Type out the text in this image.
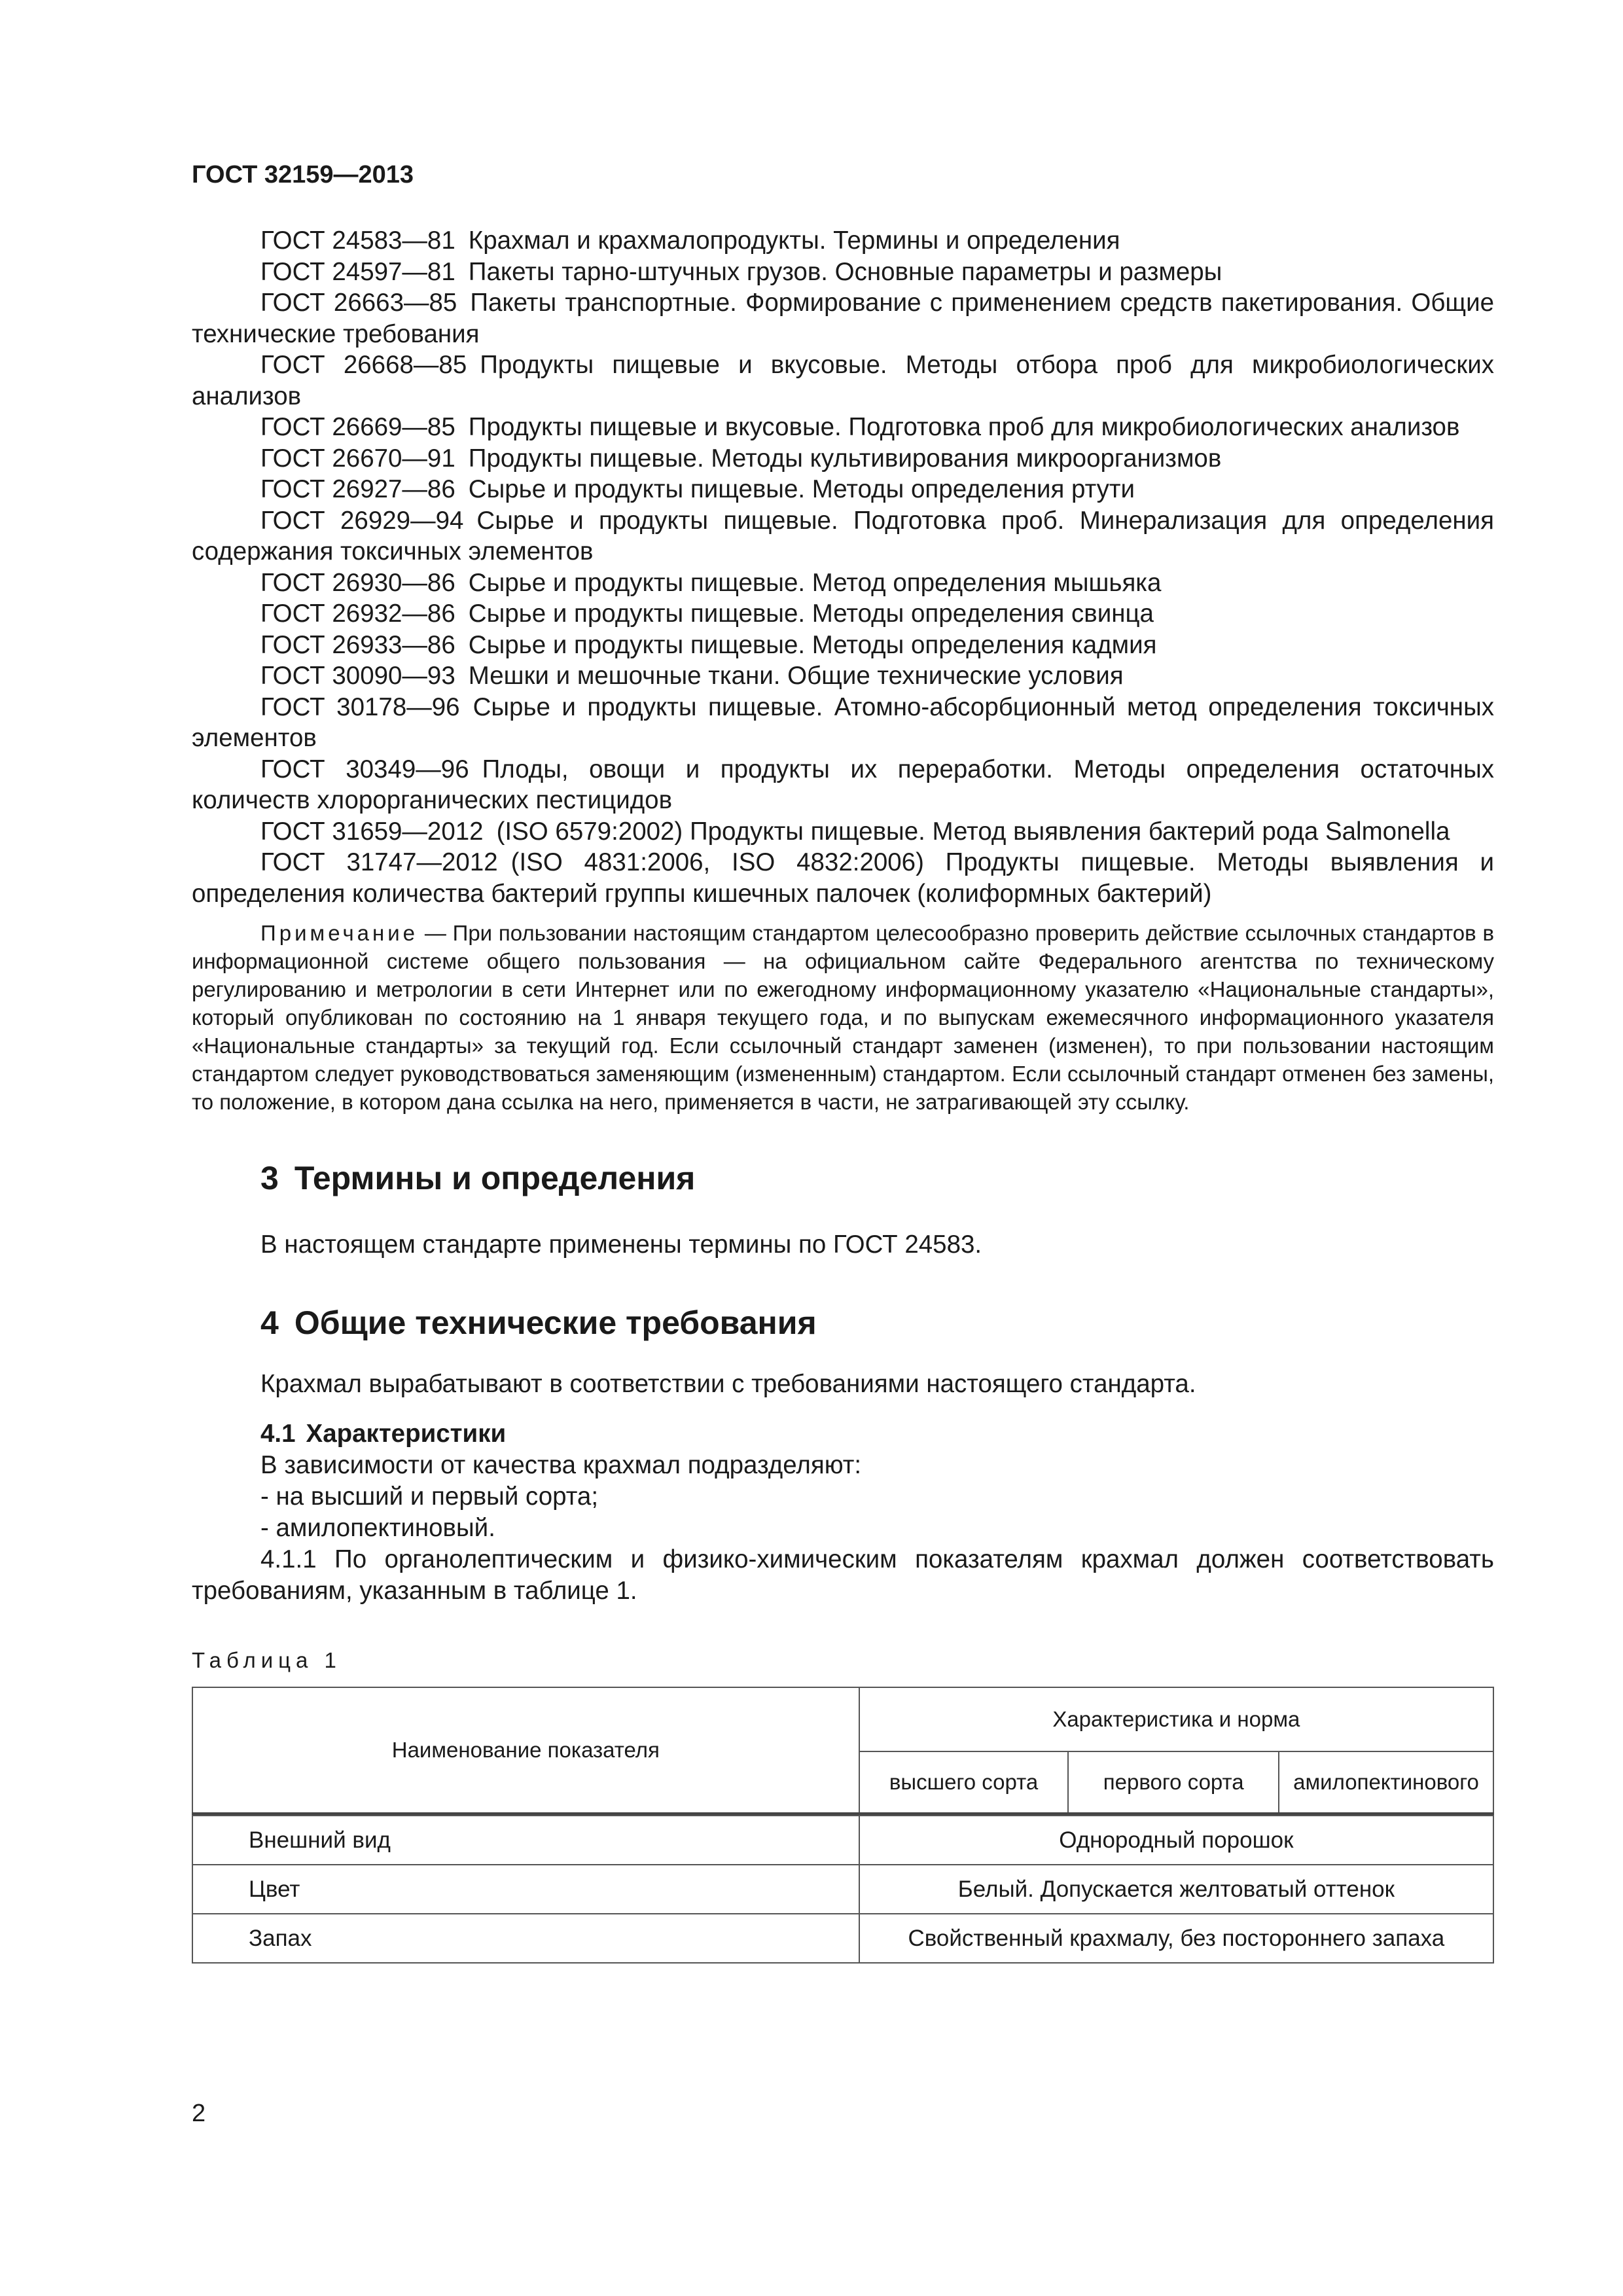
ГОСТ 32159—2013

ГОСТ 24583—81 Крахмал и крахмалопродукты. Термины и определения

ГОСТ 24597—81 Пакеты тарно-штучных грузов. Основные параметры и размеры

ГОСТ 26663—85 Пакеты транспортные. Формирование с применением средств пакетирования. Общие технические требования

ГОСТ 26668—85 Продукты пищевые и вкусовые. Методы отбора проб для микробиологических анализов

ГОСТ 26669—85 Продукты пищевые и вкусовые. Подготовка проб для микробиологических анализов

ГОСТ 26670—91 Продукты пищевые. Методы культивирования микроорганизмов

ГОСТ 26927—86 Сырье и продукты пищевые. Методы определения ртути

ГОСТ 26929—94 Сырье и продукты пищевые. Подготовка проб. Минерализация для определения содержания токсичных элементов

ГОСТ 26930—86 Сырье и продукты пищевые. Метод определения мышьяка

ГОСТ 26932—86 Сырье и продукты пищевые. Методы определения свинца

ГОСТ 26933—86 Сырье и продукты пищевые. Методы определения кадмия

ГОСТ 30090—93 Мешки и мешочные ткани. Общие технические условия

ГОСТ 30178—96 Сырье и продукты пищевые. Атомно-абсорбционный метод определения токсичных элементов

ГОСТ 30349—96 Плоды, овощи и продукты их переработки. Методы определения остаточных количеств хлорорганических пестицидов

ГОСТ 31659—2012 (ISO 6579:2002) Продукты пищевые. Метод выявления бактерий рода Salmonella

ГОСТ 31747—2012 (ISO 4831:2006, ISO 4832:2006) Продукты пищевые. Методы выявления и определения количества бактерий группы кишечных палочек (колиформных бактерий)

Примечание — При пользовании настоящим стандартом целесообразно проверить действие ссылочных стандартов в информационной системе общего пользования — на официальном сайте Федерального агентства по техническому регулированию и метрологии в сети Интернет или по ежегодному информационному указателю «Национальные стандарты», который опубликован по состоянию на 1 января текущего года, и по выпускам ежемесячного информационного указателя «Национальные стандарты» за текущий год. Если ссылочный стандарт заменен (изменен), то при пользовании настоящим стандартом следует руководствоваться заменяющим (измененным) стандартом. Если ссылочный стандарт отменен без замены, то положение, в котором дана ссылка на него, применяется в части, не затрагивающей эту ссылку.

3 Термины и определения

В настоящем стандарте применены термины по ГОСТ 24583.

4 Общие технические требования

Крахмал вырабатывают в соответствии с требованиями настоящего стандарта.

4.1 Характеристики

В зависимости от качества крахмал подразделяют:

- на высший и первый сорта;

- амилопектиновый.

4.1.1 По органолептическим и физико-химическим показателям крахмал должен соответствовать требованиям, указанным в таблице 1.

Таблица 1
Наименование показателя	Характеристика и норма		
	высшего сорта	первого сорта	амилопектинового

Внешний вид	Однородный порошок		
Цвет	Белый. Допускается желтоватый оттенок		
Запах	Свойственный крахмалу, без постороннего запаха		
2
